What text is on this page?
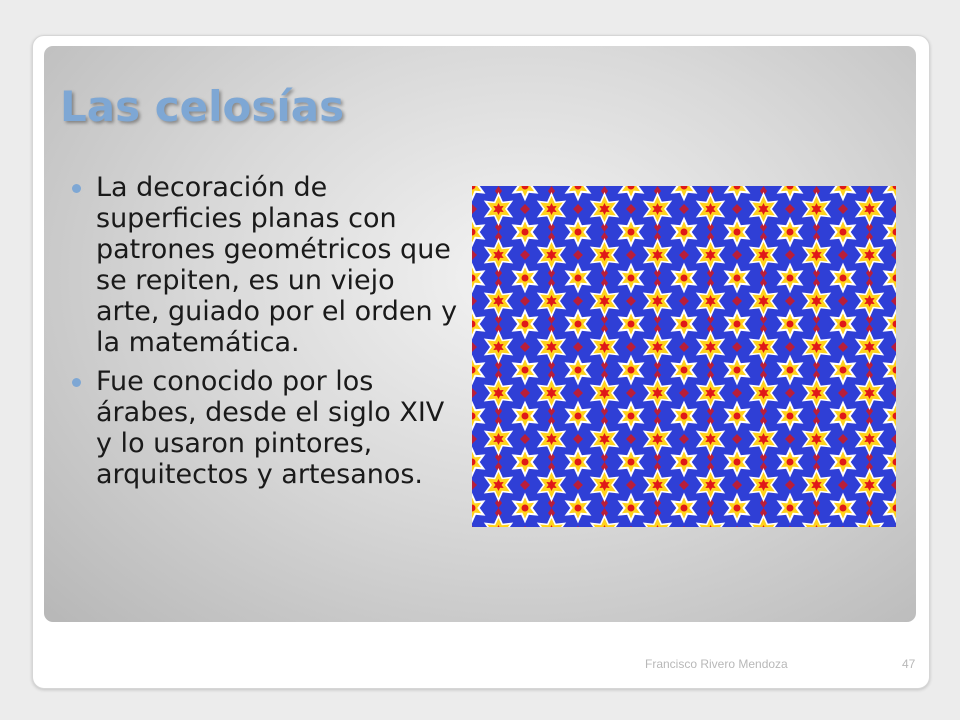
Las celosías
La decoración de superficies planas con patrones geométricos que se repiten, es un viejo arte, guiado por el orden y la matemática.
Fue conocido por los árabes, desde el siglo XIV y lo usaron pintores, arquitectos y artesanos.
Francisco Rivero Mendoza	47
